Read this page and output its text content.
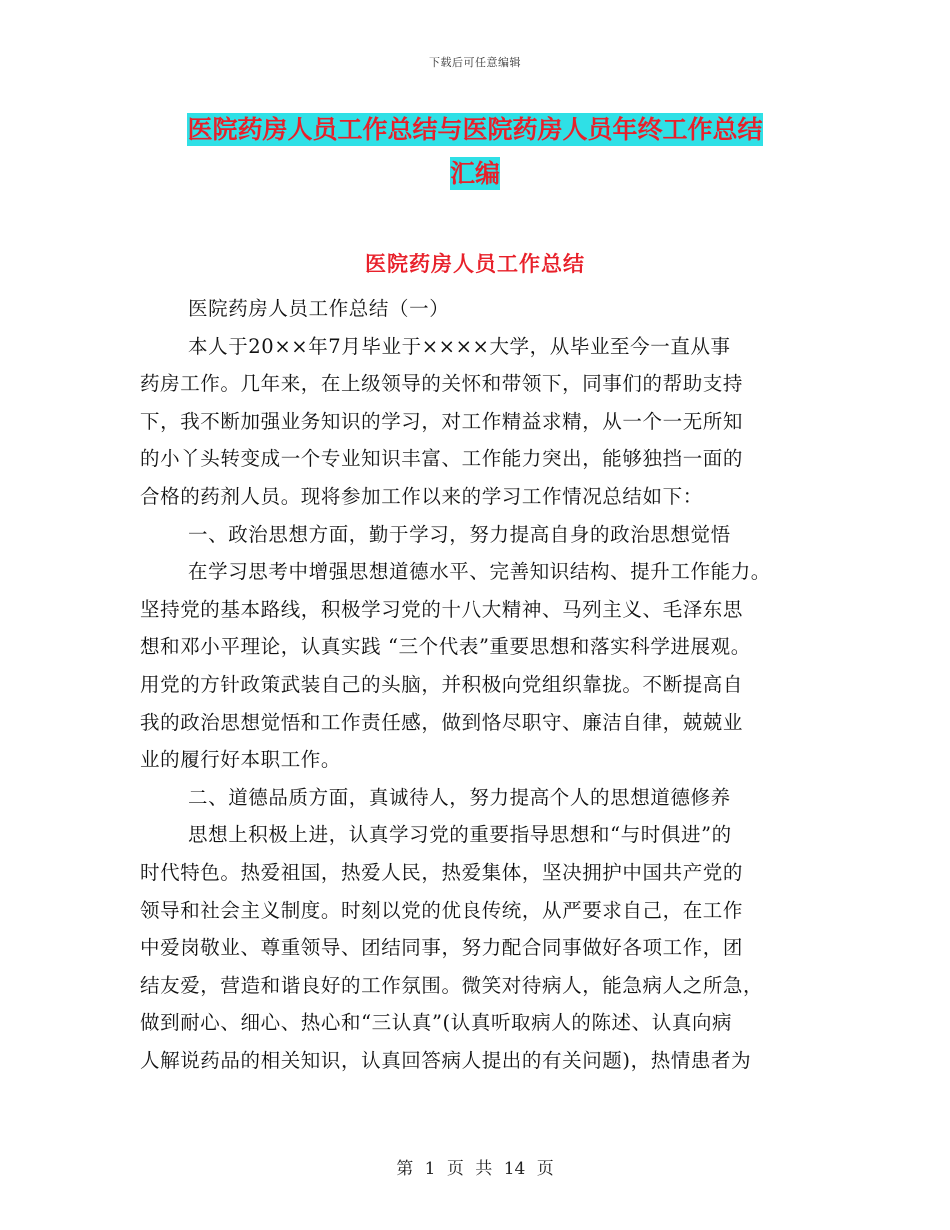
下载后可任意编辑
医院药房人员工作总结与医院药房人员年终工作总结
汇编
医院药房人员工作总结
医院药房人员工作总结（一）
本人于20××年7月毕业于××××大学，从毕业至今一直从事
药房工作。几年来，在上级领导的关怀和带领下，同事们的帮助支持
下，我不断加强业务知识的学习，对工作精益求精，从一个一无所知
的小丫头转变成一个专业知识丰富、工作能力突出，能够独挡一面的
合格的药剂人员。现将参加工作以来的学习工作情况总结如下：
一、政治思想方面，勤于学习，努力提高自身的政治思想觉悟
在学习思考中增强思想道德水平、完善知识结构、提升工作能力。
坚持党的基本路线，积极学习党的十八大精神、马列主义、毛泽东思
想和邓小平理论，认真实践 “三个代表”重要思想和落实科学进展观。
用党的方针政策武装自己的头脑，并积极向党组织靠拢。不断提高自
我的政治思想觉悟和工作责任感，做到恪尽职守、廉洁自律，兢兢业
业的履行好本职工作。
二、道德品质方面，真诚待人，努力提高个人的思想道德修养
思想上积极上进，认真学习党的重要指导思想和“与时俱进”的
时代特色。热爱祖国，热爱人民，热爱集体，坚决拥护中国共产党的
领导和社会主义制度。时刻以党的优良传统，从严要求自己，在工作
中爱岗敬业、尊重领导、团结同事，努力配合同事做好各项工作，团
结友爱，营造和谐良好的工作氛围。微笑对待病人，能急病人之所急，
做到耐心、细心、热心和“三认真”(认真听取病人的陈述、认真向病
人解说药品的相关知识，认真回答病人提出的有关问题)，热情患者为
第 1 页 共 14 页
